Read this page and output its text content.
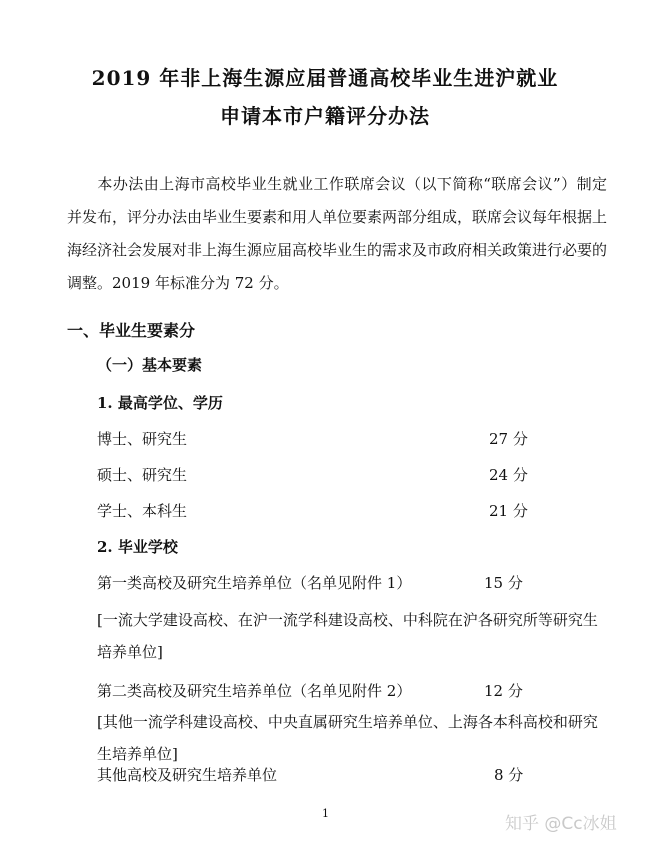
2019 年非上海生源应届普通高校毕业生进沪就业
申请本市户籍评分办法
本办法由上海市高校毕业生就业工作联席会议（以下简称“联席会议”）制定并发布，评分办法由毕业生要素和用人单位要素两部分组成，联席会议每年根据上海经济社会发展对非上海生源应届高校毕业生的需求及市政府相关政策进行必要的调整。2019 年标准分为 72 分。
一、毕业生要素分
（一）基本要素
1. 最高学位、学历
博士、研究生	27 分
硕士、研究生	24 分
学士、本科生	21 分
2. 毕业学校
第一类高校及研究生培养单位（名单见附件 1）	15 分
[一流大学建设高校、在沪一流学科建设高校、中科院在沪各研究所等研究生培养单位]
第二类高校及研究生培养单位（名单见附件 2）	12 分
[其他一流学科建设高校、中央直属研究生培养单位、上海各本科高校和研究生培养单位]
其他高校及研究生培养单位	8 分
1
知乎 @Cc冰姐
